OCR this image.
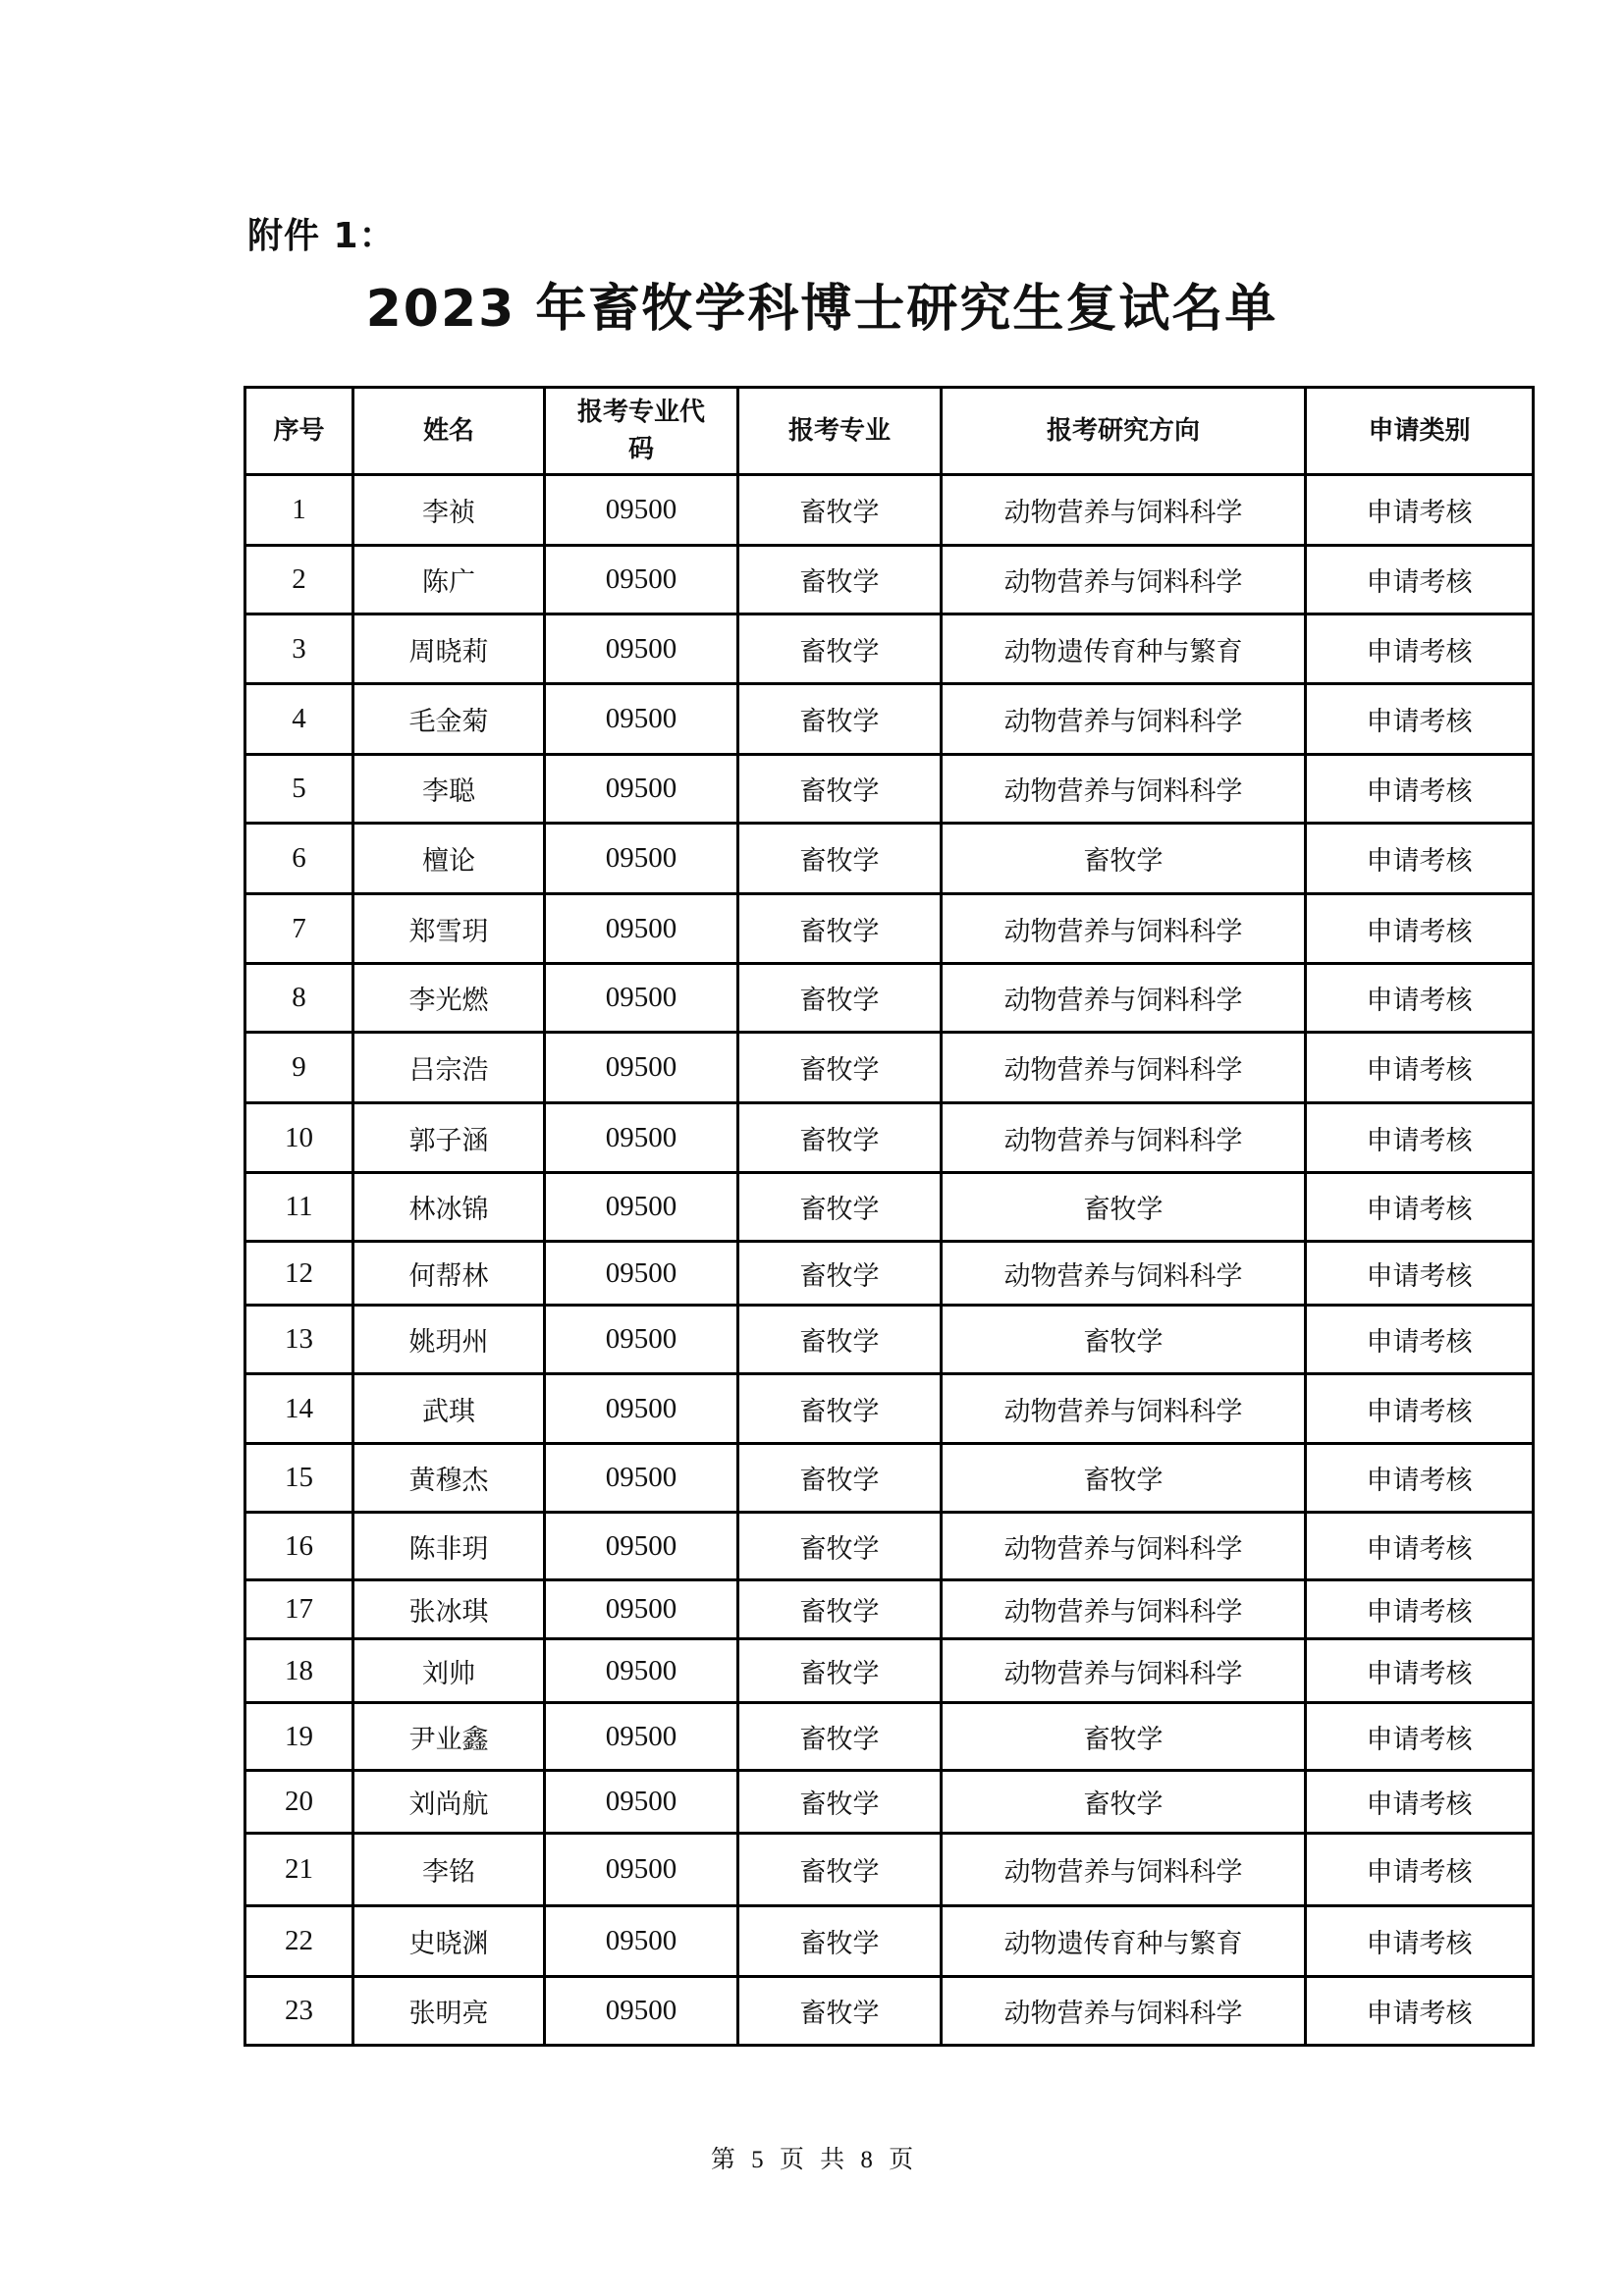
附件 1：
2023 年畜牧学科博士研究生复试名单
序号	姓名	报考专业代码	报考专业	报考研究方向	申请类别
1	李祯	09500	畜牧学	动物营养与饲料科学	申请考核
2	陈广	09500	畜牧学	动物营养与饲料科学	申请考核
3	周晓莉	09500	畜牧学	动物遗传育种与繁育	申请考核
4	毛金菊	09500	畜牧学	动物营养与饲料科学	申请考核
5	李聪	09500	畜牧学	动物营养与饲料科学	申请考核
6	檀论	09500	畜牧学	畜牧学	申请考核
7	郑雪玥	09500	畜牧学	动物营养与饲料科学	申请考核
8	李光燃	09500	畜牧学	动物营养与饲料科学	申请考核
9	吕宗浩	09500	畜牧学	动物营养与饲料科学	申请考核
10	郭子涵	09500	畜牧学	动物营养与饲料科学	申请考核
11	林冰锦	09500	畜牧学	畜牧学	申请考核
12	何帮林	09500	畜牧学	动物营养与饲料科学	申请考核
13	姚玥州	09500	畜牧学	畜牧学	申请考核
14	武琪	09500	畜牧学	动物营养与饲料科学	申请考核
15	黄穆杰	09500	畜牧学	畜牧学	申请考核
16	陈非玥	09500	畜牧学	动物营养与饲料科学	申请考核
17	张冰琪	09500	畜牧学	动物营养与饲料科学	申请考核
18	刘帅	09500	畜牧学	动物营养与饲料科学	申请考核
19	尹业鑫	09500	畜牧学	畜牧学	申请考核
20	刘尚航	09500	畜牧学	畜牧学	申请考核
21	李铭	09500	畜牧学	动物营养与饲料科学	申请考核
22	史晓渊	09500	畜牧学	动物遗传育种与繁育	申请考核
23	张明亮	09500	畜牧学	动物营养与饲料科学	申请考核
第 5 页 共 8 页
